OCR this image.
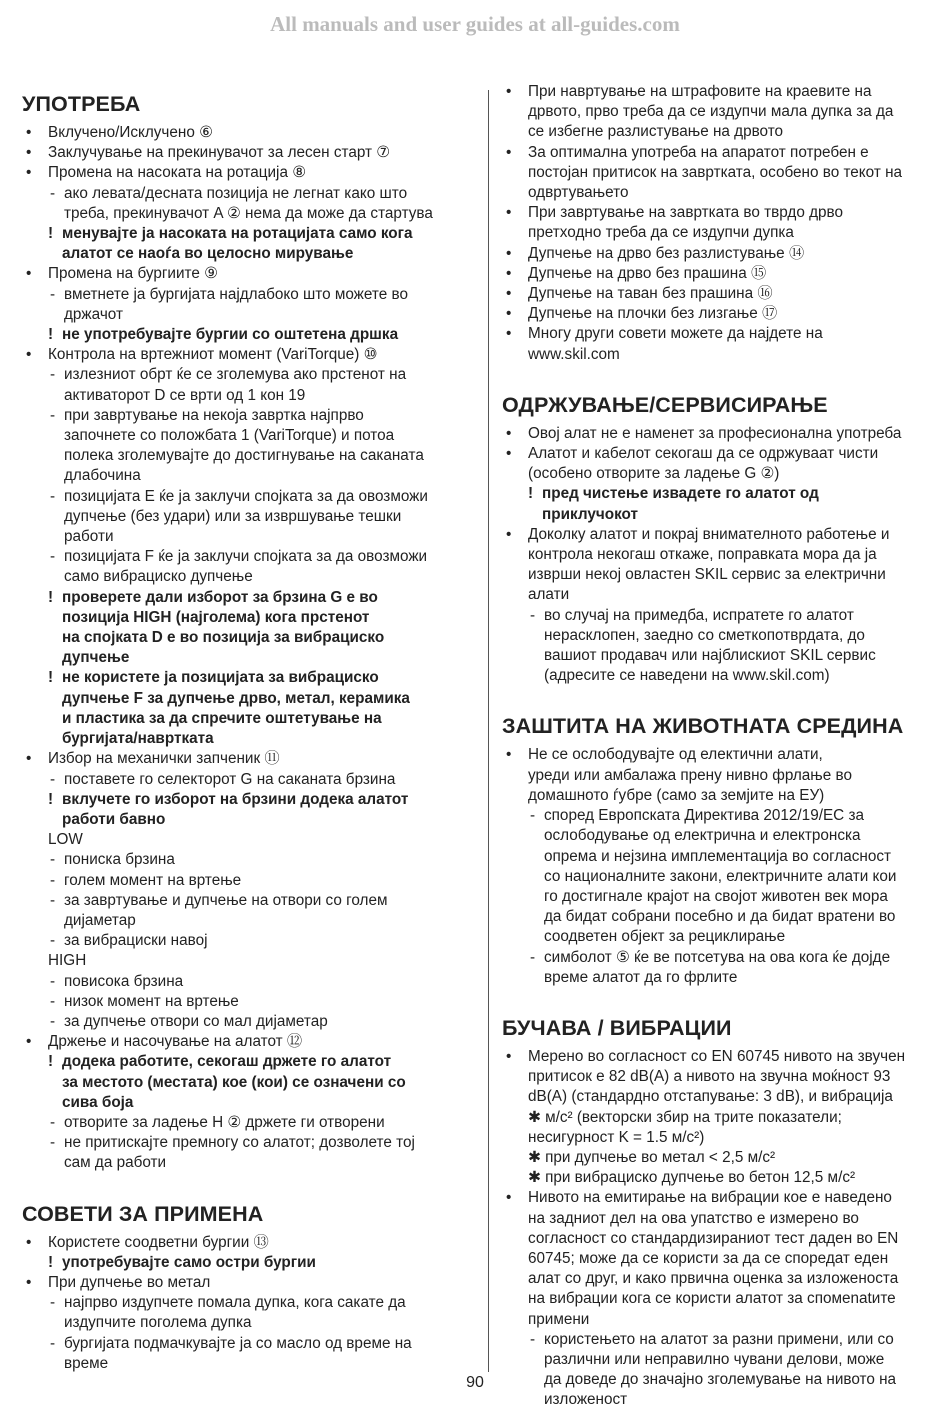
All manuals and user guides at all-guides.com
УПОТРЕБА
• Вклучено/Исклучено ⑥
• Заклучување на прекинувачот за лесен старт ⑦
• Промена на насоката на ротација ⑧
- ако левата/десната позиција не легнат како што
треба, прекинувачот A ② нема да може да стартува
! менувајте ја насоката на ротацијата само кога
алатот се наоѓа во целосно мирување
• Промена на бургиите ⑨
- вметнете ја бургијата најдлабоко што можете во
држачот
! не употребувајте бургии со оштетена дршка
• Контрола на вртежниот момент (VariTorque) ⑩
- излезниот обрт ќе се зголемува ако прстенот на
активаторот D се врти од 1 кон 19
- при завртување на некоја завртка најпрво
започнете со положбата 1 (VariTorque) и потоа
полека зголемувајте до достигнување на саканата
длабочина
- позицијата E ќе ја заклучи спојката за да овозможи
дупчење (без удари) или за извршување тешки
работи
- позицијата F ќе ја заклучи спојката за да овозможи
само вибрациско дупчење
! проверете дали изборот за брзина G е во
позиција HIGH (најголема) кога прстенот
на спојката D е во позиција за вибрациско
дупчење
! не користете ја позицијата за вибрациско
дупчење F за дупчење дрво, метал, керамика
и пластика за да спречите оштетување на
бургијата/навртката
• Избор на механички запченик ⑪
- поставете го селекторот G на саканата брзина
! вклучете го изборот на брзини додека алатот
работи бавно
LOW
- пониска брзина
- голем момент на вртење
- за завртување и дупчење на отвори со голем
дијаметар
- за вибрациски навој
HIGH
- повисока брзина
- низок момент на вртење
- за дупчење отвори со мал дијаметар
• Држење и насочување на алатот ⑫
! додека работите, секогаш држете го алатот
за местото (местата) кое (кои) се означени со
сива боја
- отворите за ладење H ② држете ги отворени
- не притискајте премногу со алатот; дозволете тој
сам да работи
СОВЕТИ ЗА ПРИМЕНА
• Користете соодветни бургии ⑬
! употребувајте само остри бургии
• При дупчење во метал
- најпрво издупчете помала дупка, кога сакате да
издупчите поголема дупка
- бургијата подмачкувајте ја со масло од време на
време
• При навртување на штрафовите на краевите на
дрвото, прво треба да се издупчи мала дупка за да
се избегне разлистување на дрвото
• За оптимална употреба на апаратот потребен е
постојан притисок на завртката, особено во текот на
одвртувањето
• При завртување на завртката во тврдо дрво
претходно треба да се издупчи дупка
• Дупчење на дрво без разлистување ⑭
• Дупчење на дрво без прашина ⑮
• Дупчење на таван без прашина ⑯
• Дупчење на плочки без лизгање ⑰
• Многу други совети можете да најдете на
www.skil.com
ОДРЖУВАЊЕ/СЕРВИСИРАЊЕ
• Овој алат не е наменет за професионална употреба
• Алатот и кабелот секогаш да се одржуваат чисти
(особено отворите за ладење G ②)
! пред чистење извадете го алатот од
приклучокот
• Доколку алатот и покрај внимателното работење и
контрола некогаш откаже, поправката мора да ја
изврши некој овластен SKIL сервис за електрични
алати
- во случај на примедба, испратете го алатот
нерасклопен, заедно со сметкопотврдата, до
вашиот продавач или најблискиот SKIL сервис
(адресите се наведени на www.skil.com)
ЗАШТИТА НА ЖИВОТНАТА СРЕДИНА
• Не се ослободувајте од електични алати,
уреди или амбалажа прену нивно фрлање во
домашното ѓубре (само за земјите на ЕУ)
- според Европската Директива 2012/19/EC за
ослободување од електрична и електронска
опрема и нејзина имплементација во согласност
со националните закони, електричните алати кои
го достигнале крајот на својот животен век мора
да бидат собрани посебно и да бидат вратени во
соодветен објект за рециклирање
- симболот ⑤ ќе ве потсетува на ова кога ќе дојде
време алатот да го фрлите
БУЧАВА / ВИБРАЦИИ
• Мерено во согласност со EN 60745 нивото на звучен
притисок е 82 dB(A) а нивото на звучна моќност 93
dB(A) (стандардно отстапување: 3 dB), и вибрација
✱ м/с² (векторски збир на трите показатели;
несигурност K = 1.5 м/с²)
✱ при дупчење во метал < 2,5 м/с²
✱ при вибрациско дупчење во бетон 12,5 м/с²
• Нивото на емитирање на вибрации кое е наведено
на задниот дел на ова упатство е измерено во
согласност со стандардизираниот тест даден во EN
60745; може да се користи за да се споредат еден
алат со друг, и како првична оценка за изложеноста
на вибрации кога се користи алатот за спомenatите
примени
- користењето на алатот за разни примени, или со
различни или неправилно чувани делови, може
да доведе до значајно зголемување на нивото на
изложеност
90
